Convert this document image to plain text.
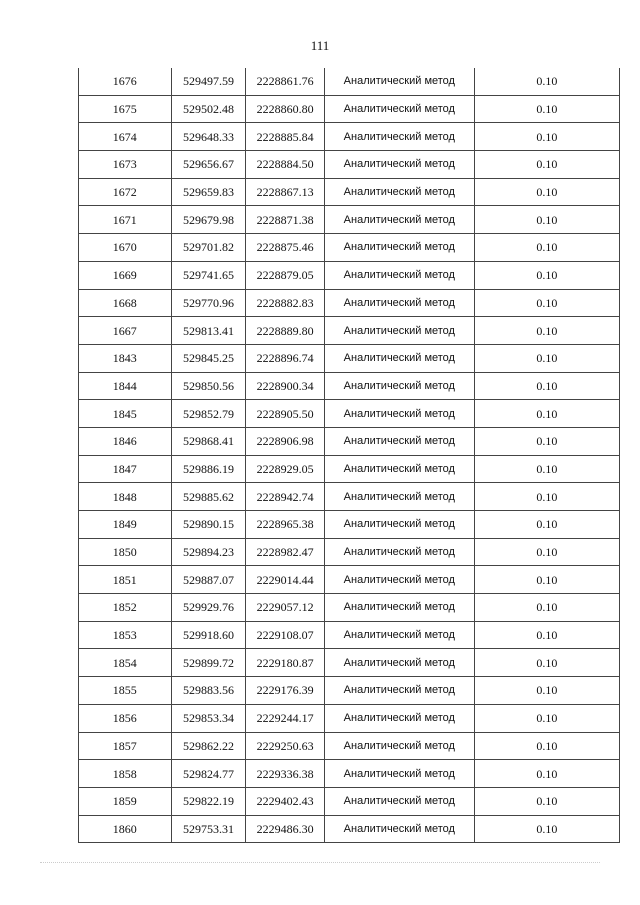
111
1676	529497.59	2228861.76	Аналитический метод	0.10
1675	529502.48	2228860.80	Аналитический метод	0.10
1674	529648.33	2228885.84	Аналитический метод	0.10
1673	529656.67	2228884.50	Аналитический метод	0.10
1672	529659.83	2228867.13	Аналитический метод	0.10
1671	529679.98	2228871.38	Аналитический метод	0.10
1670	529701.82	2228875.46	Аналитический метод	0.10
1669	529741.65	2228879.05	Аналитический метод	0.10
1668	529770.96	2228882.83	Аналитический метод	0.10
1667	529813.41	2228889.80	Аналитический метод	0.10
1843	529845.25	2228896.74	Аналитический метод	0.10
1844	529850.56	2228900.34	Аналитический метод	0.10
1845	529852.79	2228905.50	Аналитический метод	0.10
1846	529868.41	2228906.98	Аналитический метод	0.10
1847	529886.19	2228929.05	Аналитический метод	0.10
1848	529885.62	2228942.74	Аналитический метод	0.10
1849	529890.15	2228965.38	Аналитический метод	0.10
1850	529894.23	2228982.47	Аналитический метод	0.10
1851	529887.07	2229014.44	Аналитический метод	0.10
1852	529929.76	2229057.12	Аналитический метод	0.10
1853	529918.60	2229108.07	Аналитический метод	0.10
1854	529899.72	2229180.87	Аналитический метод	0.10
1855	529883.56	2229176.39	Аналитический метод	0.10
1856	529853.34	2229244.17	Аналитический метод	0.10
1857	529862.22	2229250.63	Аналитический метод	0.10
1858	529824.77	2229336.38	Аналитический метод	0.10
1859	529822.19	2229402.43	Аналитический метод	0.10
1860	529753.31	2229486.30	Аналитический метод	0.10
